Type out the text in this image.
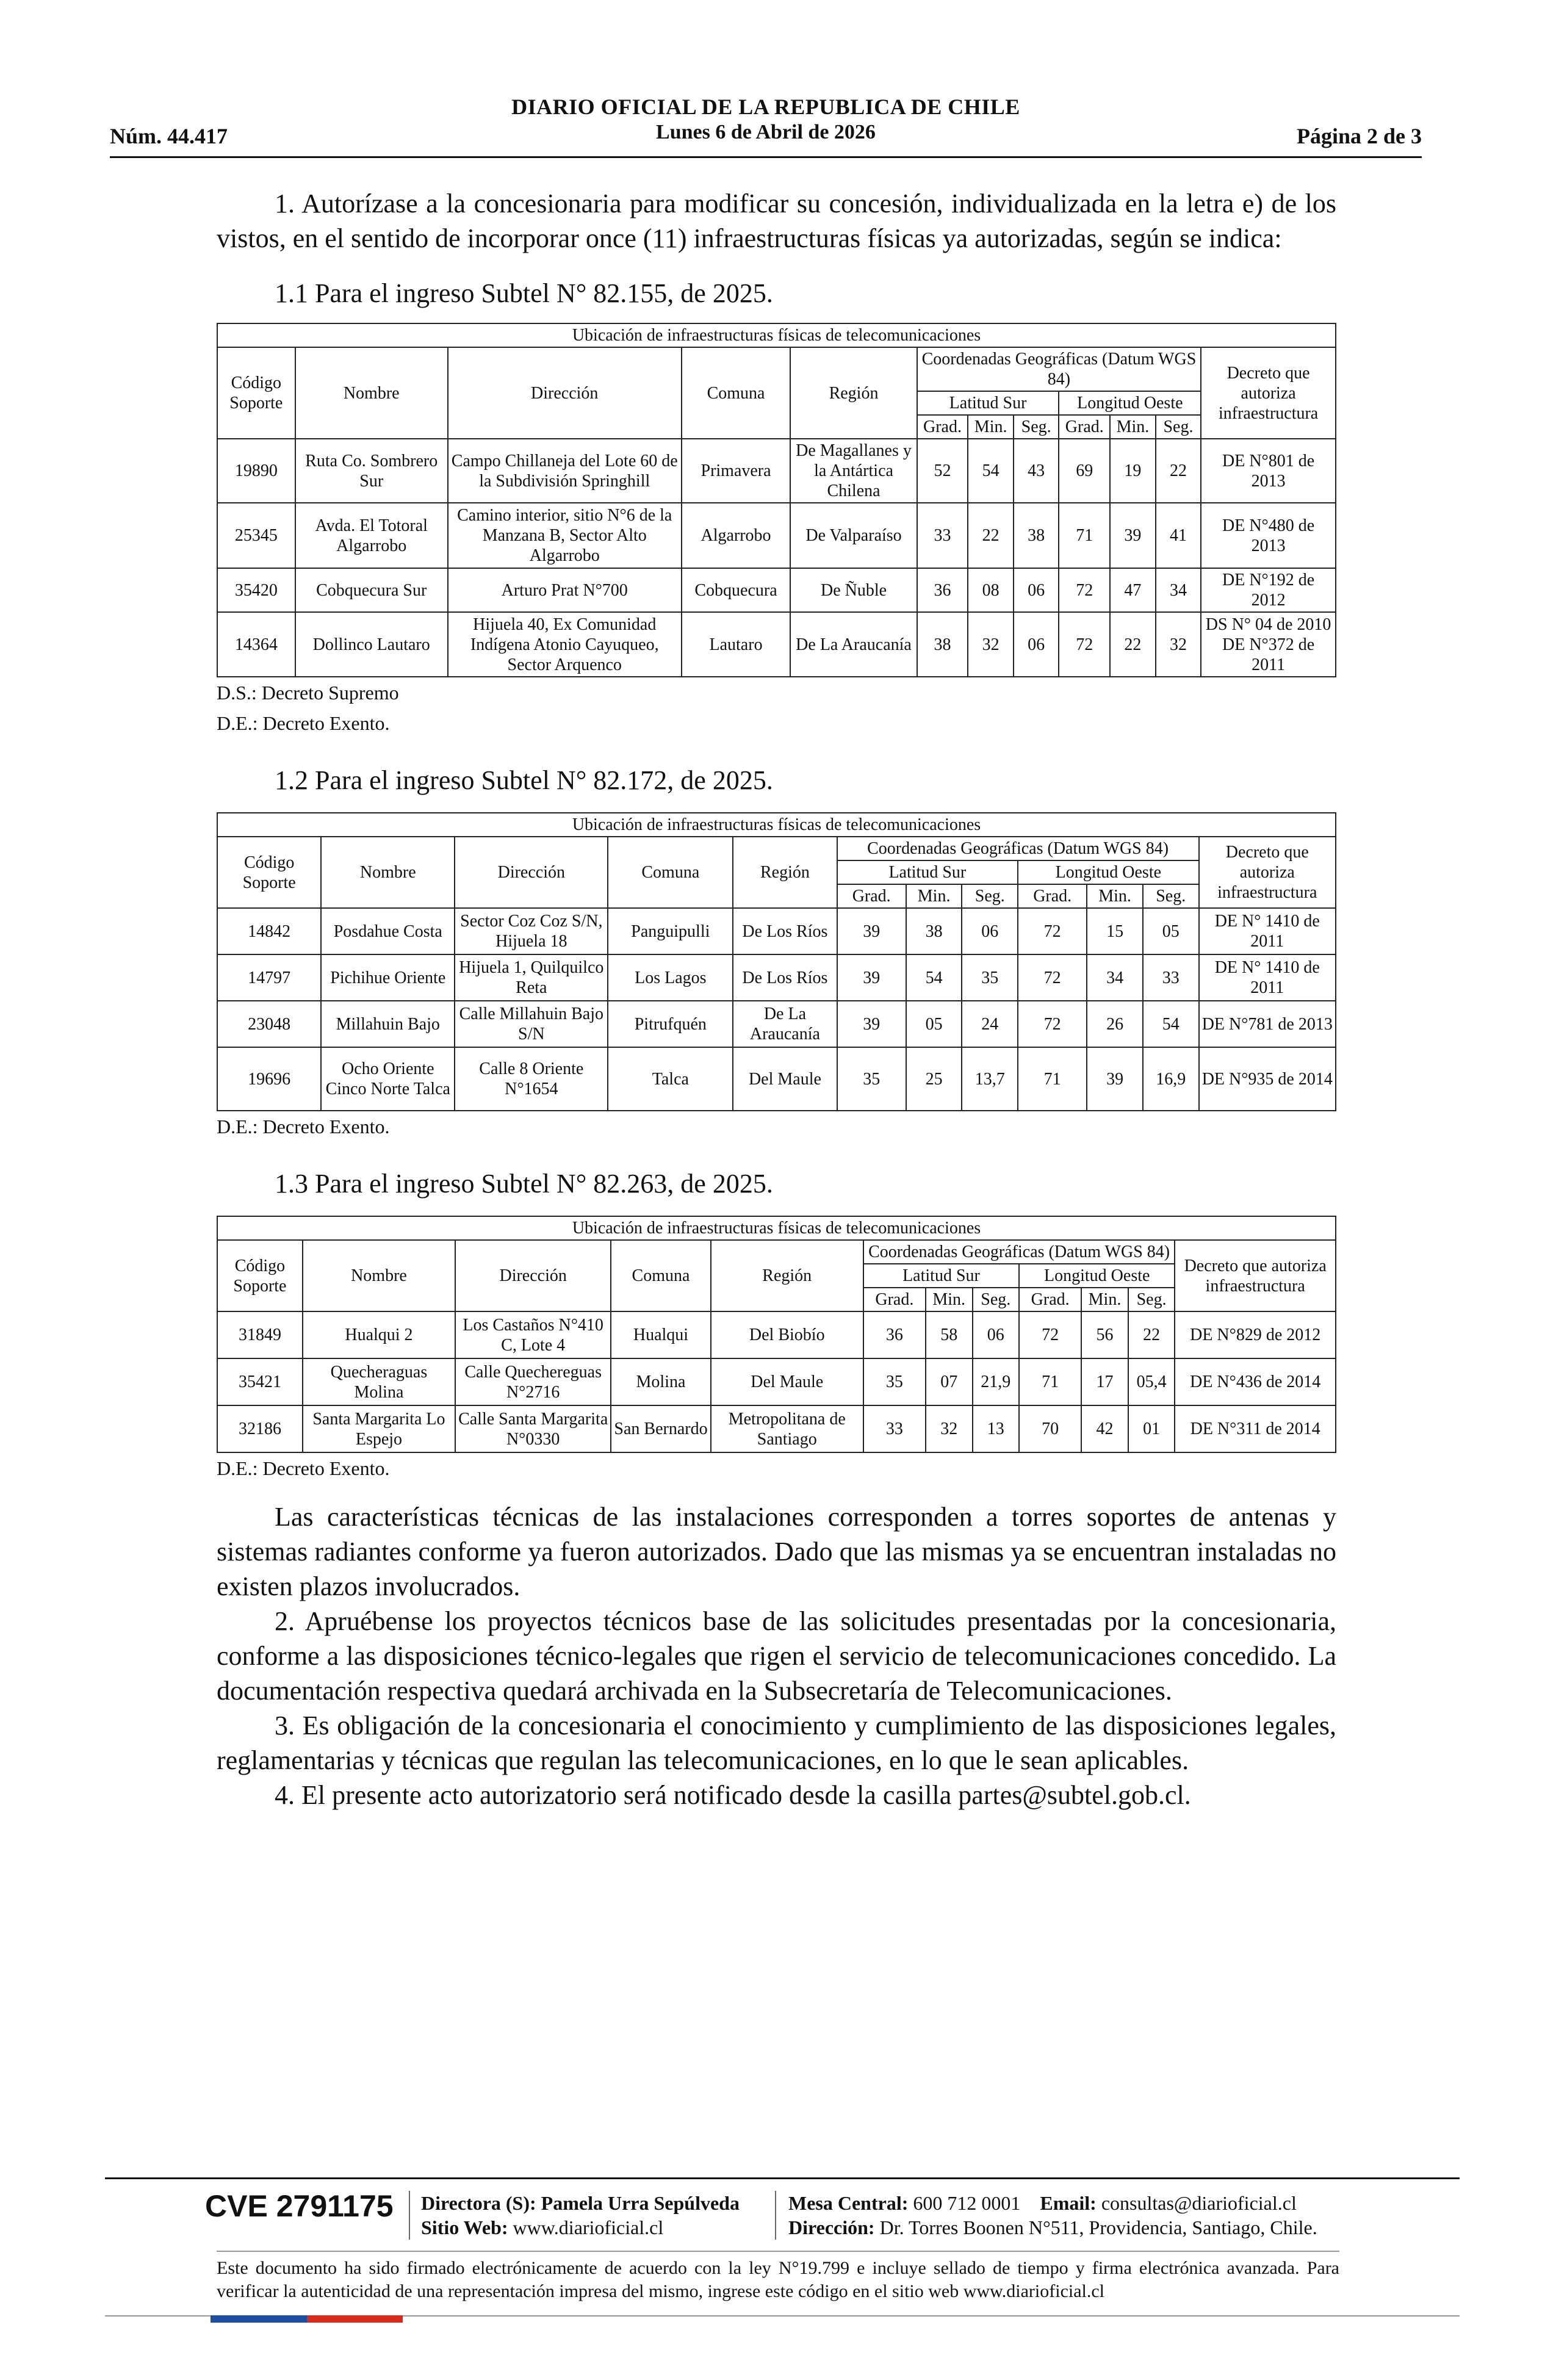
Núm. 44.417
DIARIO OFICIAL DE LA REPUBLICA DE CHILE
Lunes 6 de Abril de 2026	Página 2 de 3

1. Autorízase a la concesionaria para modificar su concesión, individualizada en la letra e) de los vistos, en el sentido de incorporar once (11) infraestructuras físicas ya autorizadas, según se indica:

1.1 Para el ingreso Subtel N° 82.155, de 2025.

Ubicación de infraestructuras físicas de telecomunicaciones											
Código Soporte	Nombre	Dirección	Comuna	Región	Coordenadas Geográficas (Datum WGS 84)						Decreto que autoriza infraestructura
					Latitud Sur			Longitud Oeste			
					Grad.	Min.	Seg.	Grad.	Min.	Seg.	
19890	Ruta Co. Sombrero Sur	Campo Chillaneja del Lote 60 de la Subdivisión Springhill	Primavera	De Magallanes y la Antártica Chilena	52	54	43	69	19	22	DE N°801 de 2013
25345	Avda. El Totoral Algarrobo	Camino interior, sitio N°6 de la Manzana B, Sector Alto Algarrobo	Algarrobo	De Valparaíso	33	22	38	71	39	41	DE N°480 de 2013
35420	Cobquecura Sur	Arturo Prat N°700	Cobquecura	De Ñuble	36	08	06	72	47	34	DE N°192 de 2012
14364	Dollinco Lautaro	Hijuela 40, Ex Comunidad Indígena Atonio Cayuqueo, Sector Arquenco	Lautaro	De La Araucanía	38	32	06	72	22	32	DS N° 04 de 2010 DE N°372 de 2011

D.S.: Decreto Supremo

D.E.: Decreto Exento.

1.2 Para el ingreso Subtel N° 82.172, de 2025.

Ubicación de infraestructuras físicas de telecomunicaciones											
Código Soporte	Nombre	Dirección	Comuna	Región	Coordenadas Geográficas (Datum WGS 84)						Decreto que autoriza infraestructura
					Latitud Sur			Longitud Oeste			
					Grad.	Min.	Seg.	Grad.	Min.	Seg.	
14842	Posdahue Costa	Sector Coz Coz S/N, Hijuela 18	Panguipulli	De Los Ríos	39	38	06	72	15	05	DE N° 1410 de 2011
14797	Pichihue Oriente	Hijuela 1, Quilquilco Reta	Los Lagos	De Los Ríos	39	54	35	72	34	33	DE N° 1410 de 2011
23048	Millahuin Bajo	Calle Millahuin Bajo S/N	Pitrufquén	De La Araucanía	39	05	24	72	26	54	DE N°781 de 2013
19696	Ocho Oriente Cinco Norte Talca	Calle 8 Oriente N°1654	Talca	Del Maule	35	25	13,7	71	39	16,9	DE N°935 de 2014

D.E.: Decreto Exento.

1.3 Para el ingreso Subtel N° 82.263, de 2025.

Ubicación de infraestructuras físicas de telecomunicaciones											
Código Soporte	Nombre	Dirección	Comuna	Región	Coordenadas Geográficas (Datum WGS 84)						Decreto que autoriza infraestructura
					Latitud Sur			Longitud Oeste			
					Grad.	Min.	Seg.	Grad.	Min.	Seg.	
31849	Hualqui 2	Los Castaños N°410 C, Lote 4	Hualqui	Del Biobío	36	58	06	72	56	22	DE N°829 de 2012
35421	Quecheraguas Molina	Calle Quechereguas N°2716	Molina	Del Maule	35	07	21,9	71	17	05,4	DE N°436 de 2014
32186	Santa Margarita Lo Espejo	Calle Santa Margarita N°0330	San Bernardo	Metropolitana de Santiago	33	32	13	70	42	01	DE N°311 de 2014

D.E.: Decreto Exento.

Las características técnicas de las instalaciones corresponden a torres soportes de antenas y sistemas radiantes conforme ya fueron autorizados. Dado que las mismas ya se encuentran instaladas no existen plazos involucrados.

2. Apruébense los proyectos técnicos base de las solicitudes presentadas por la concesionaria, conforme a las disposiciones técnico-legales que rigen el servicio de telecomunicaciones concedido. La documentación respectiva quedará archivada en la Subsecretaría de Telecomunicaciones.

3. Es obligación de la concesionaria el conocimiento y cumplimiento de las disposiciones legales, reglamentarias y técnicas que regulan las telecomunicaciones, en lo que le sean aplicables.

4. El presente acto autorizatorio será notificado desde la casilla partes@subtel.gob.cl.

CVE 2791175 Directora (S): Pamela Urra Sepúlveda
Sitio Web: www.diarioficial.cl
Mesa Central: 600 712 0001 Email: consultas@diarioficial.cl
Dirección: Dr. Torres Boonen N°511, Providencia, Santiago, Chile.
Este documento ha sido firmado electrónicamente de acuerdo con la ley N°19.799 e incluye sellado de tiempo y firma electrónica avanzada. Para verificar la autenticidad de una representación impresa del mismo, ingrese este código en el sitio web www.diarioficial.cl
